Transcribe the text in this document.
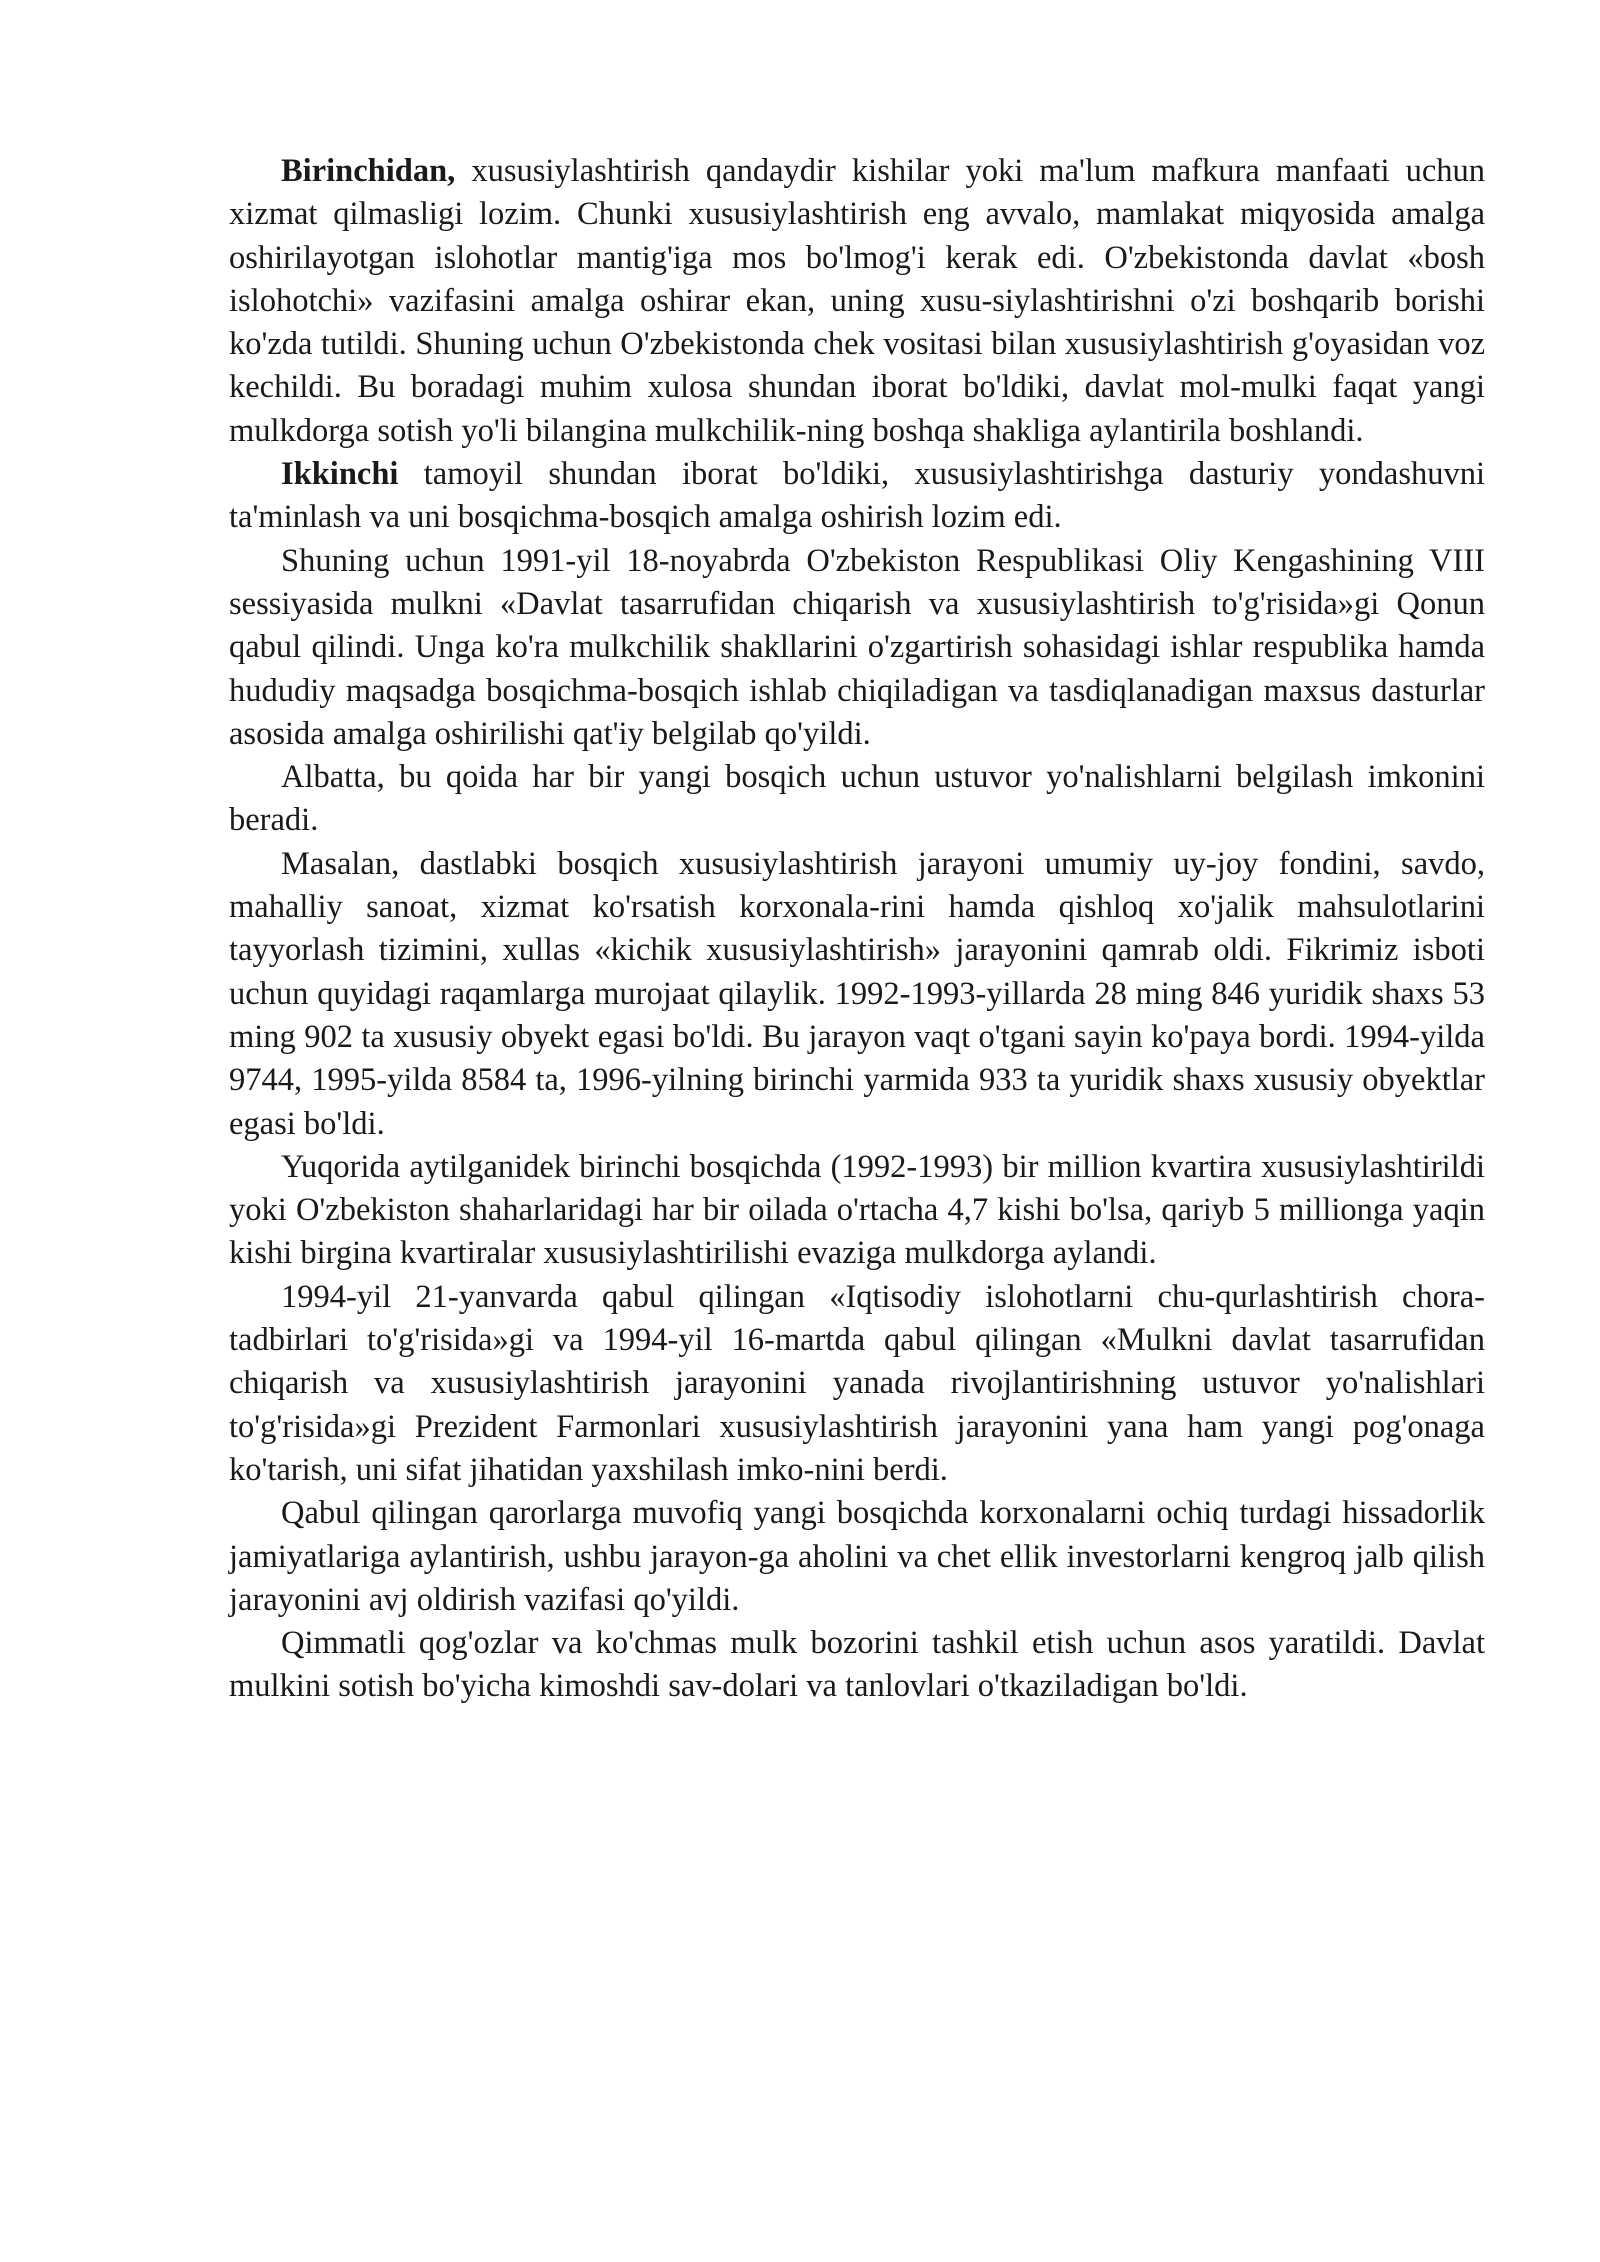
Birinchidan, xususiylashtirish qandaydir kishilar yoki ma'lum mafkura manfaati uchun xizmat qilmasligi lozim. Chunki xususiylashtirish eng avvalo, mamlakat miqyosida amalga oshirilayotgan islohotlar mantig'iga mos bo'lmog'i kerak edi. O'zbekistonda davlat «bosh islohotchi» vazifasini amalga oshirar ekan, uning xusu-siylashtirishni o'zi boshqarib borishi ko'zda tutildi. Shuning uchun O'zbekistonda chek vositasi bilan xususiylashtirish g'oyasidan voz kechildi. Bu boradagi muhim xulosa shundan iborat bo'ldiki, davlat mol-mulki faqat yangi mulkdorga sotish yo'li bilangina mulkchilik-ning boshqa shakliga aylantirila boshlandi.

Ikkinchi tamoyil shundan iborat bo'ldiki, xususiylashtirishga dasturiy yondashuvni ta'minlash va uni bosqichma-bosqich amalga oshirish lozim edi.

Shuning uchun 1991-yil 18-noyabrda O'zbekiston Respublikasi Oliy Kengashining VIII sessiyasida mulkni «Davlat tasarrufidan chiqarish va xususiylashtirish to'g'risida»gi Qonun qabul qilindi. Unga ko'ra mulkchilik shakllarini o'zgartirish sohasidagi ishlar respublika hamda hududiy maqsadga bosqichma-bosqich ishlab chiqiladigan va tasdiqlanadigan maxsus dasturlar asosida amalga oshirilishi qat'iy belgilab qo'yildi.

Albatta, bu qoida har bir yangi bosqich uchun ustuvor yo'nalishlarni belgilash imkonini beradi.

Masalan, dastlabki bosqich xususiylashtirish jarayoni umumiy uy-joy fondini, savdo, mahalliy sanoat, xizmat ko'rsatish korxonala-rini hamda qishloq xo'jalik mahsulotlarini tayyorlash tizimini, xullas «kichik xususiylashtirish» jarayonini qamrab oldi. Fikrimiz isboti uchun quyidagi raqamlarga murojaat qilaylik. 1992-1993-yillarda 28 ming 846 yuridik shaxs 53 ming 902 ta xususiy obyekt egasi bo'ldi. Bu jarayon vaqt o'tgani sayin ko'paya bordi. 1994-yilda 9744, 1995-yilda 8584 ta, 1996-yilning birinchi yarmida 933 ta yuridik shaxs xususiy obyektlar egasi bo'ldi.

Yuqorida aytilganidek birinchi bosqichda (1992-1993) bir million kvartira xususiylashtirildi yoki O'zbekiston shaharlaridagi har bir oilada o'rtacha 4,7 kishi bo'lsa, qariyb 5 millionga yaqin kishi birgina kvartiralar xususiylashtirilishi evaziga mulkdorga aylandi.

1994-yil 21-yanvarda qabul qilingan «Iqtisodiy islohotlarni chu-qurlashtirish chora-tadbirlari to'g'risida»gi va 1994-yil 16-martda qabul qilingan «Mulkni davlat tasarrufidan chiqarish va xususiylashtirish jarayonini yanada rivojlantirishning ustuvor yo'nalishlari to'g'risida»gi Prezident Farmonlari xususiylashtirish jarayonini yana ham yangi pog'onaga ko'tarish, uni sifat jihatidan yaxshilash imko-nini berdi.

Qabul qilingan qarorlarga muvofiq yangi bosqichda korxonalarni ochiq turdagi hissadorlik jamiyatlariga aylantirish, ushbu jarayon-ga aholini va chet ellik investorlarni kengroq jalb qilish jarayonini avj oldirish vazifasi qo'yildi.

Qimmatli qog'ozlar va ko'chmas mulk bozorini tashkil etish uchun asos yaratildi. Davlat mulkini sotish bo'yicha kimoshdi sav-dolari va tanlovlari o'tkaziladigan bo'ldi.
